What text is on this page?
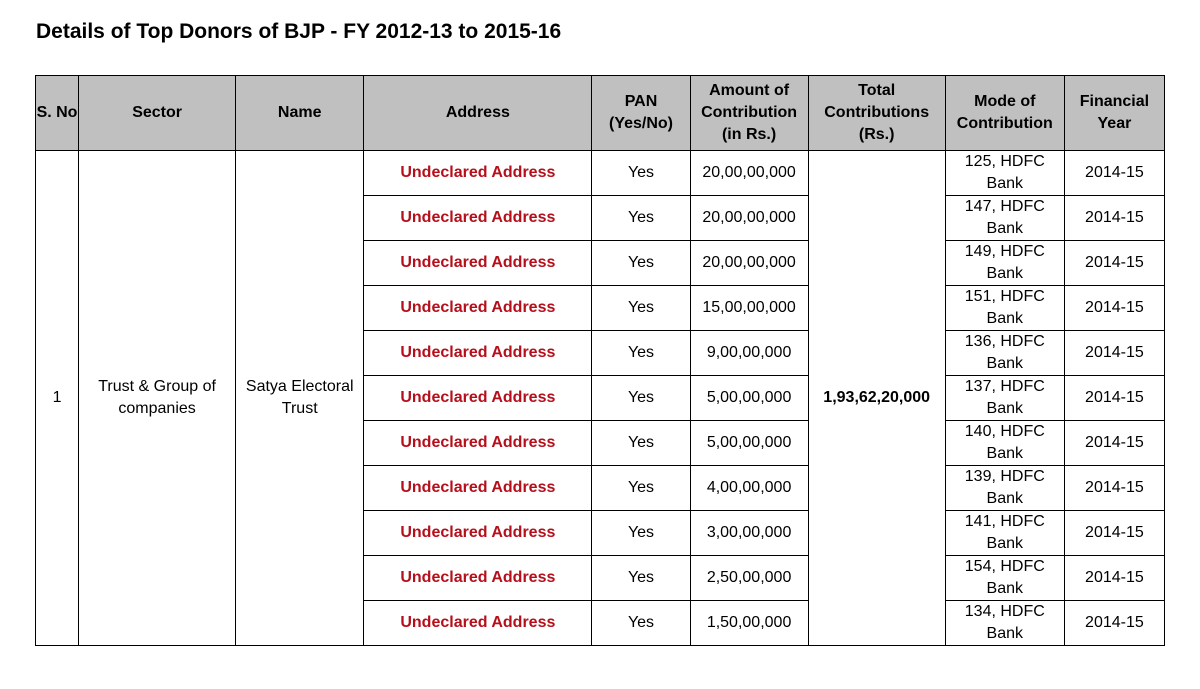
Details of Top Donors of BJP - FY 2012-13 to 2015-16
S. No	Sector	Name	Address	PAN (Yes/No)	Amount of Contribution (in Rs.)	Total Contributions (Rs.)	Mode of Contribution	Financial Year
1	Trust & Group of companies	Satya Electoral Trust	Undeclared Address	Yes	20,00,00,000	1,93,62,20,000	125, HDFC Bank	2014-15
			Undeclared Address	Yes	20,00,00,000		147, HDFC Bank	2014-15
			Undeclared Address	Yes	20,00,00,000		149, HDFC Bank	2014-15
			Undeclared Address	Yes	15,00,00,000		151, HDFC Bank	2014-15
			Undeclared Address	Yes	9,00,00,000		136, HDFC Bank	2014-15
			Undeclared Address	Yes	5,00,00,000		137, HDFC Bank	2014-15
			Undeclared Address	Yes	5,00,00,000		140, HDFC Bank	2014-15
			Undeclared Address	Yes	4,00,00,000		139, HDFC Bank	2014-15
			Undeclared Address	Yes	3,00,00,000		141, HDFC Bank	2014-15
			Undeclared Address	Yes	2,50,00,000		154, HDFC Bank	2014-15
			Undeclared Address	Yes	1,50,00,000		134, HDFC Bank	2014-15
